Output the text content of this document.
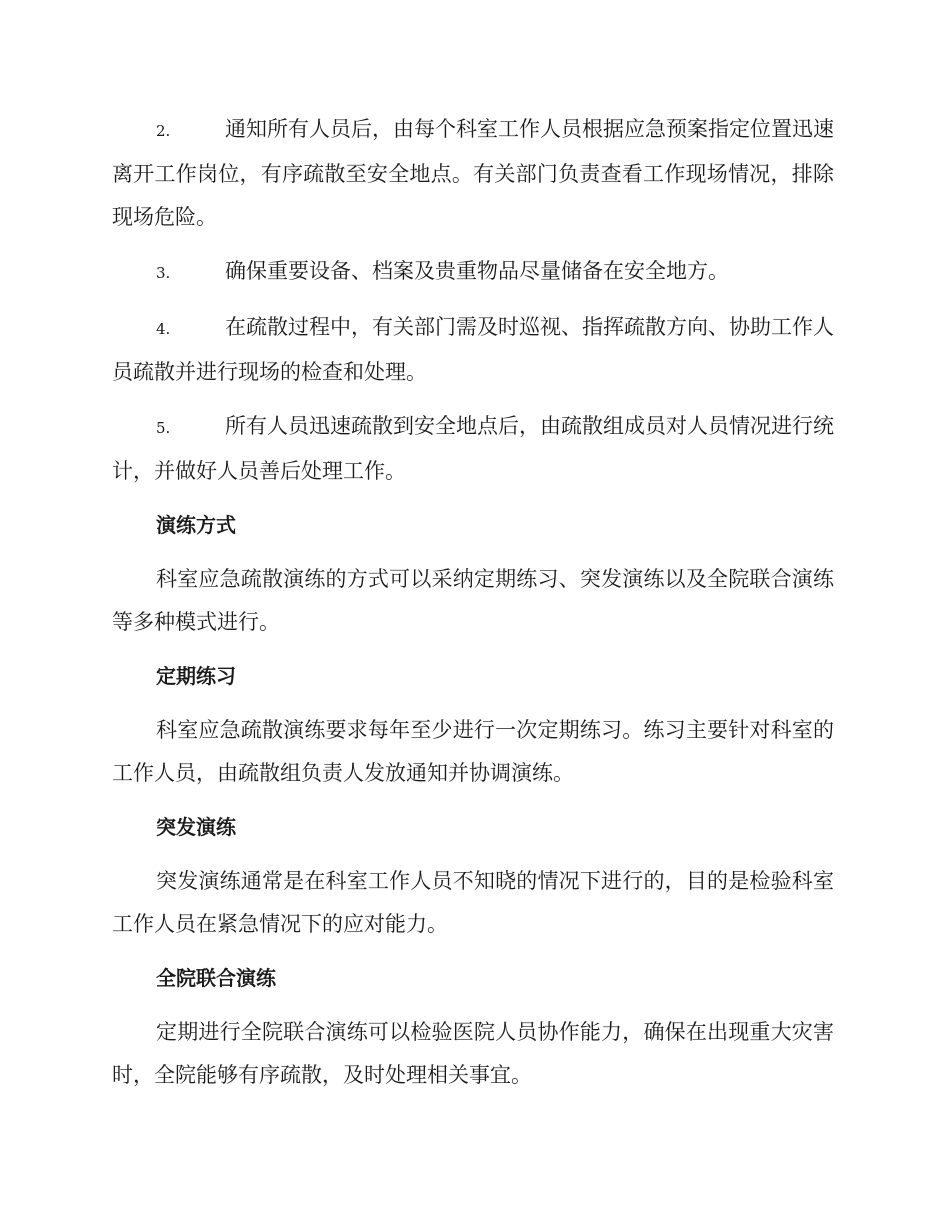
2.	通知所有人员后，由每个科室工作人员根据应急预案指定位置迅速离开工作岗位，有序疏散至安全地点。有关部门负责查看工作现场情况，排除现场危险。

3.	确保重要设备、档案及贵重物品尽量储备在安全地方。

4.	在疏散过程中，有关部门需及时巡视、指挥疏散方向、协助工作人员疏散并进行现场的检查和处理。

5.	所有人员迅速疏散到安全地点后，由疏散组成员对人员情况进行统计，并做好人员善后处理工作。

演练方式

科室应急疏散演练的方式可以采纳定期练习、突发演练以及全院联合演练等多种模式进行。

定期练习

科室应急疏散演练要求每年至少进行一次定期练习。练习主要针对科室的工作人员，由疏散组负责人发放通知并协调演练。

突发演练

突发演练通常是在科室工作人员不知晓的情况下进行的，目的是检验科室工作人员在紧急情况下的应对能力。

全院联合演练

定期进行全院联合演练可以检验医院人员协作能力，确保在出现重大灾害时，全院能够有序疏散，及时处理相关事宜。
